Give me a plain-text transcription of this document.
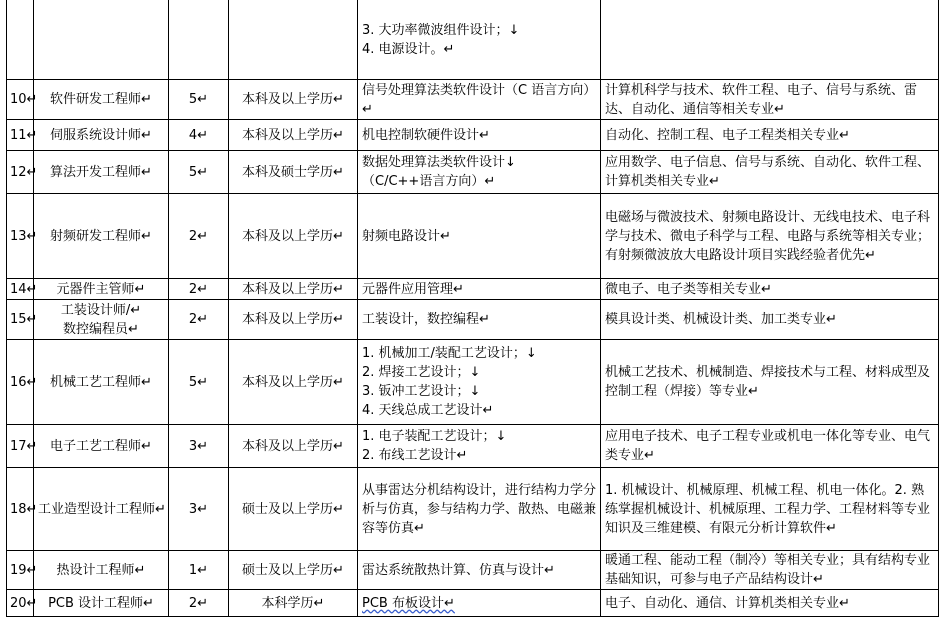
				3. 大功率微波组件设计；↓
4. 电源设计。↵	

10↵	软件研发工程师↵	5↵	本科及以上学历↵	信号处理算法类软件设计（C 语言方向）↵	计算机科学与技术、软件工程、电子、信号与系统、雷达、自动化、通信等相关专业↵
11↵	伺服系统设计师↵	4↵	本科及以上学历↵	机电控制软硬件设计↵	自动化、控制工程、电子工程类相关专业↵
12↵	算法开发工程师↵	5↵	本科及硕士学历↵	数据处理算法类软件设计↓
（C/C++语言方向）↵	应用数学、电子信息、信号与系统、自动化、软件工程、计算机类相关专业↵
13↵	射频研发工程师↵	2↵	本科及以上学历↵	射频电路设计↵	电磁场与微波技术、射频电路设计、无线电技术、电子科学与技术、微电子科学与工程、电路与系统等相关专业；有射频微波放大电路设计项目实践经验者优先↵
14↵	元器件主管师↵	2↵	本科及以上学历↵	元器件应用管理↵	微电子、电子类等相关专业↵
15↵	工装设计师/↵
数控编程员↵	2↵	本科及以上学历↵	工装设计，数控编程↵	模具设计类、机械设计类、加工类专业↵
16↵	机械工艺工程师↵	5↵	本科及以上学历↵	1. 机械加工/装配工艺设计；↓
2. 焊接工艺设计；↓
3. 钣冲工艺设计；↓
4. 天线总成工艺设计↵	机械工艺技术、机械制造、焊接技术与工程、材料成型及控制工程（焊接）等专业↵
17↵	电子工艺工程师↵	3↵	本科及以上学历↵	1. 电子装配工艺设计；↓
2. 布线工艺设计↵	应用电子技术、电子工程专业或机电一体化等专业、电气类专业↵
18↵	工业造型设计工程师↵	3↵	硕士及以上学历↵	从事雷达分机结构设计，进行结构力学分析与仿真，参与结构力学、散热、电磁兼容等仿真↵	1. 机械设计、机械原理、机械工程、机电一体化。2. 熟练掌握机械设计、机械原理、工程力学、工程材料等专业知识及三维建模、有限元分析计算软件↵
19↵	热设计工程师↵	1↵	硕士及以上学历↵	雷达系统散热计算、仿真与设计↵	暖通工程、能动工程（制冷）等相关专业；具有结构专业基础知识，可参与电子产品结构设计↵
20↵	PCB 设计工程师↵	2↵	本科学历↵	PCB 布板设计↵	电子、自动化、通信、计算机类相关专业↵
